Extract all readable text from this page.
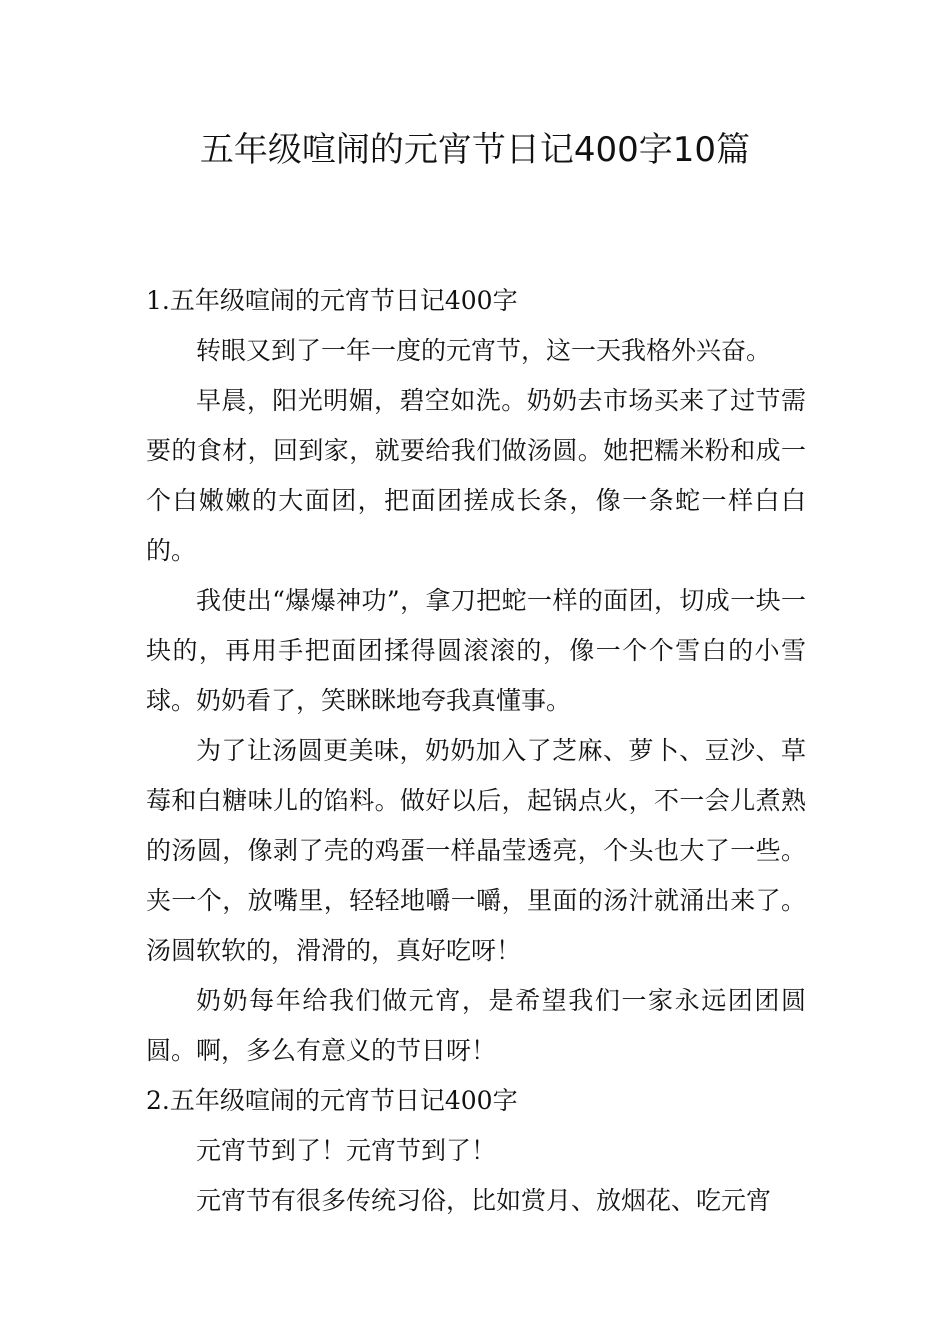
五年级喧闹的元宵节日记400字10篇

1.五年级喧闹的元宵节日记400字

转眼又到了一年一度的元宵节，这一天我格外兴奋。

早晨，阳光明媚，碧空如洗。奶奶去市场买来了过节需要的食材，回到家，就要给我们做汤圆。她把糯米粉和成一个白嫩嫩的大面团，把面团搓成长条，像一条蛇一样白白的。

我使出“爆爆神功”，拿刀把蛇一样的面团，切成一块一块的，再用手把面团揉得圆滚滚的，像一个个雪白的小雪球。奶奶看了，笑眯眯地夸我真懂事。

为了让汤圆更美味，奶奶加入了芝麻、萝卜、豆沙、草莓和白糖味儿的馅料。做好以后，起锅点火，不一会儿煮熟的汤圆，像剥了壳的鸡蛋一样晶莹透亮，个头也大了一些。夹一个，放嘴里，轻轻地嚼一嚼，里面的汤汁就涌出来了。汤圆软软的，滑滑的，真好吃呀！

奶奶每年给我们做元宵，是希望我们一家永远团团圆圆。啊，多么有意义的节日呀！

2.五年级喧闹的元宵节日记400字

元宵节到了！元宵节到了！

元宵节有很多传统习俗，比如赏月、放烟花、吃元宵
